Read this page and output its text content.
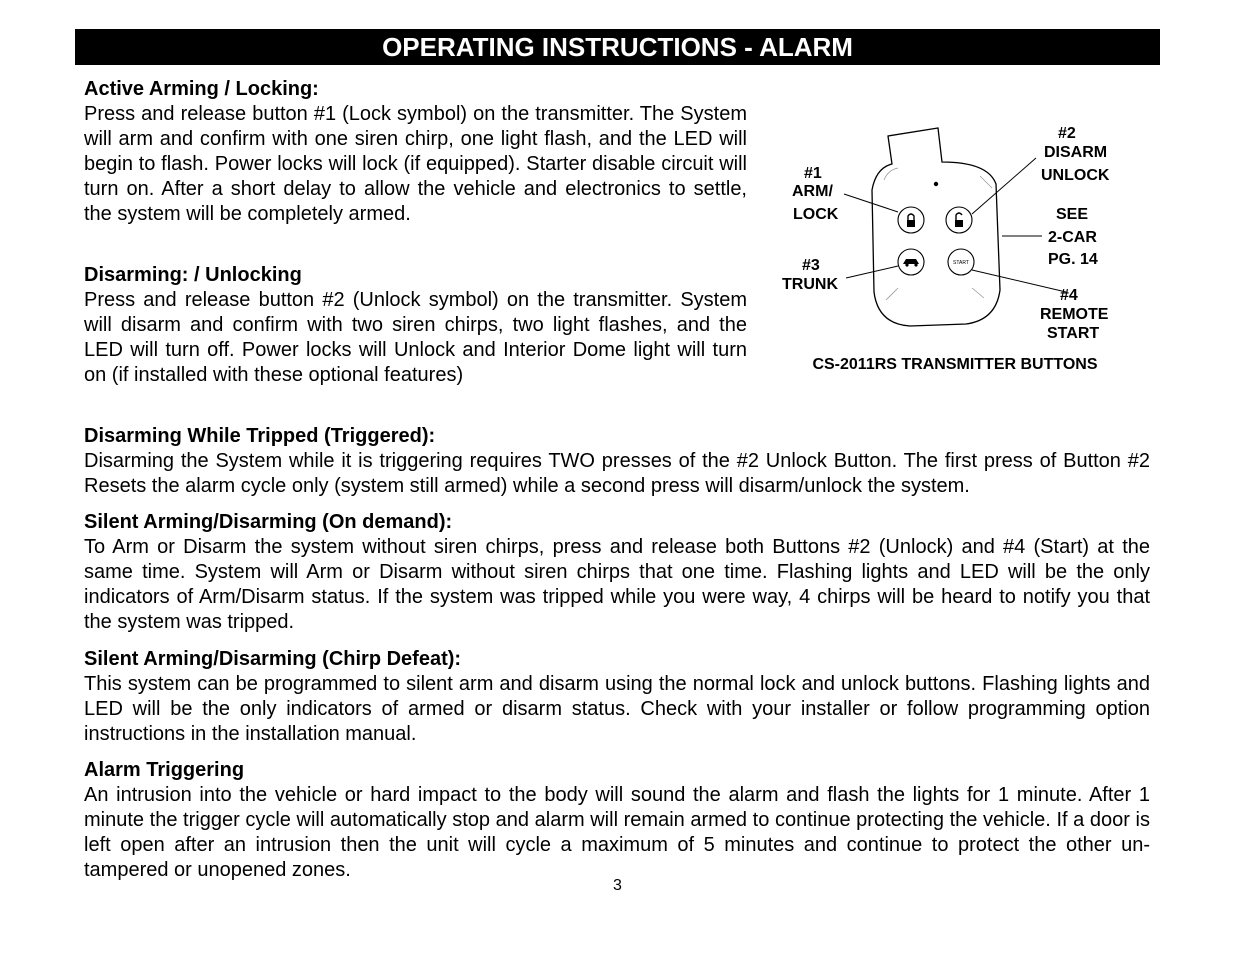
OPERATING INSTRUCTIONS - ALARM
Active Arming / Locking:

Press and release button #1 (Lock symbol) on the transmitter. The System will arm and confirm with one siren chirp, one light flash, and the LED will begin to flash. Power locks will lock (if equipped). Starter disable circuit will turn on. After a short delay to allow the vehicle and electronics to settle, the system will be completely armed.

Disarming: / Unlocking

Press and release button #2 (Unlock symbol) on the transmitter. System will disarm and confirm with two siren chirps, two light flashes, and the LED will turn off. Power locks will Unlock and Interior Dome light will turn on (if installed with these optional features)

START
#1
ARM/
LOCK
#2
DISARM
UNLOCK
SEE
2-CAR
PG. 14
#3
TRUNK
#4
REMOTE
START
CS-2011RS TRANSMITTER BUTTONS
Disarming While Tripped (Triggered):

Disarming the System while it is triggering requires TWO presses of the #2 Unlock Button. The first press of Button #2 Resets the alarm cycle only (system still armed) while a second press will disarm/unlock the system.

Silent Arming/Disarming (On demand):

To Arm or Disarm the system without siren chirps, press and release both Buttons #2 (Unlock) and #4 (Start) at the same time. System will Arm or Disarm without siren chirps that one time. Flashing lights and LED will be the only indicators of Arm/Disarm status. If the system was tripped while you were way, 4 chirps will be heard to notify you that the system was tripped.

Silent Arming/Disarming (Chirp Defeat):

This system can be programmed to silent arm and disarm using the normal lock and unlock buttons. Flashing lights and LED will be the only indicators of armed or disarm status. Check with your installer or follow programming option instructions in the installation manual.

Alarm Triggering

An intrusion into the vehicle or hard impact to the body will sound the alarm and flash the lights for 1 minute. After 1 minute the trigger cycle will automatically stop and alarm will remain armed to continue protecting the vehicle. If a door is left open after an intrusion then the unit will cycle a maximum of 5 minutes and continue to protect the other un-tampered or unopened zones.

3
